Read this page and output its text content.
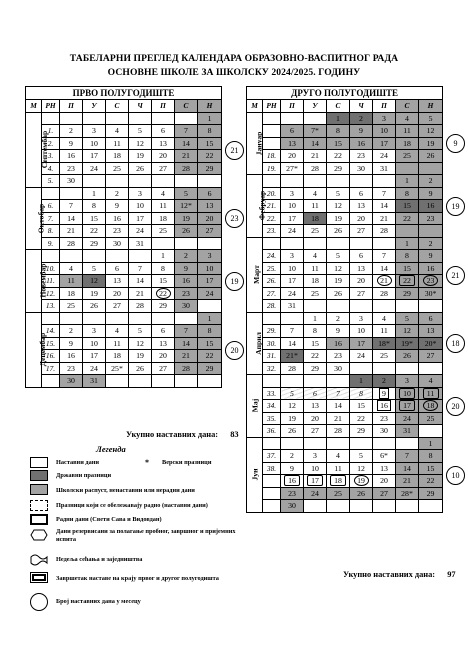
ТАБЕЛАРНИ ПРЕГЛЕД КАЛЕНДАРА ОБРАЗОВНО-ВАСПИТНОГ РАДА
ОСНОВНЕ ШКОЛЕ ЗА ШКОЛСКУ 2024/2025. ГОДИНУ
ПРВО ПОЛУГОДИШТЕ								
М	РН	П	У	С	Ч	П	С	Н
Септембар								1
	1.	2	3	4	5	6	7	8
	2.	9	10	11	12	13	14	15
	3.	16	17	18	19	20	21	22
	4.	23	24	25	26	27	28	29
	5.	30						
Октобар			1	2	3	4	5	6
	6.	7	8	9	10	11	12*	13
	7.	14	15	16	17	18	19	20
	8.	21	22	23	24	25	26	27
	9.	28	29	30	31			
Новембар						1	2	3
	10.	4	5	6	7	8	9	10
	11.	11	12	13	14	15	16	17
	12.	18	19	20	21	22	23	24
	13.	25	26	27	28	29	30	
Децембар								1
	14.	2	3	4	5	6	7	8
	15.	9	10	11	12	13	14	15
	16.	16	17	18	19	20	21	22
	17.	23	24	25*	26	27	28	29
		30	31					
ДРУГО ПОЛУГОДИШТЕ								
М	РН	П	У	С	Ч	П	С	Н
Јануар				1	2	3	4	5
		6	7*	8	9	10	11	12
		13	14	15	16	17	18	19
	18.	20	21	22	23	24	25	26
	19.	27*	28	29	30	31		
Фебруар							1	2
	20.	3	4	5	6	7	8	9
	21.	10	11	12	13	14	15	16
	22.	17	18	19	20	21	22	23
	23.	24	25	26	27	28		
Март							1	2
	24.	3	4	5	6	7	8	9
	25.	10	11	12	13	14	15	16
	26.	17	18	19	20	21	22	23
	27.	24	25	26	27	28	29	30*
	28.	31						
Април			1	2	3	4	5	6
	29.	7	8	9	10	11	12	13
	30.	14	15	16	17	18*	19*	20*
	31.	21*	22	23	24	25	26	27
	32.	28	29	30				
Мај					1	2	3	4
	33.	5	6	7	8	9	10	11
	34.	12	13	14	15	16	17	18
	35.	19	20	21	22	23	24	25
	36.	26	27	28	29	30	31	
Јун								1
	37.	2	3	4	5	6*	7	8
	38.	9	10	11	12	13	14	15
		16	17	18	19	20	21	22
		23	24	25	26	27	28*	29
		30						
21
23
19
20
9
19
21
18
20
10
Укупно наставних дана: 83
Укупно наставних дана: 97
Легенда
Наставни дани	* Верски празници
Државни празници
Школски распуст, ненаставни или нерадни дани
Празници који се обележавају радно (наставни дани)
Радни дани (Свети Сава и Видовдан)
Дани резервисани за полагање пробног, завршног и пријемних испита
Недеља сећања и заједништва
Завршетак наставе на крају првог и другог полугодишта
Број наставних дана у месецу
